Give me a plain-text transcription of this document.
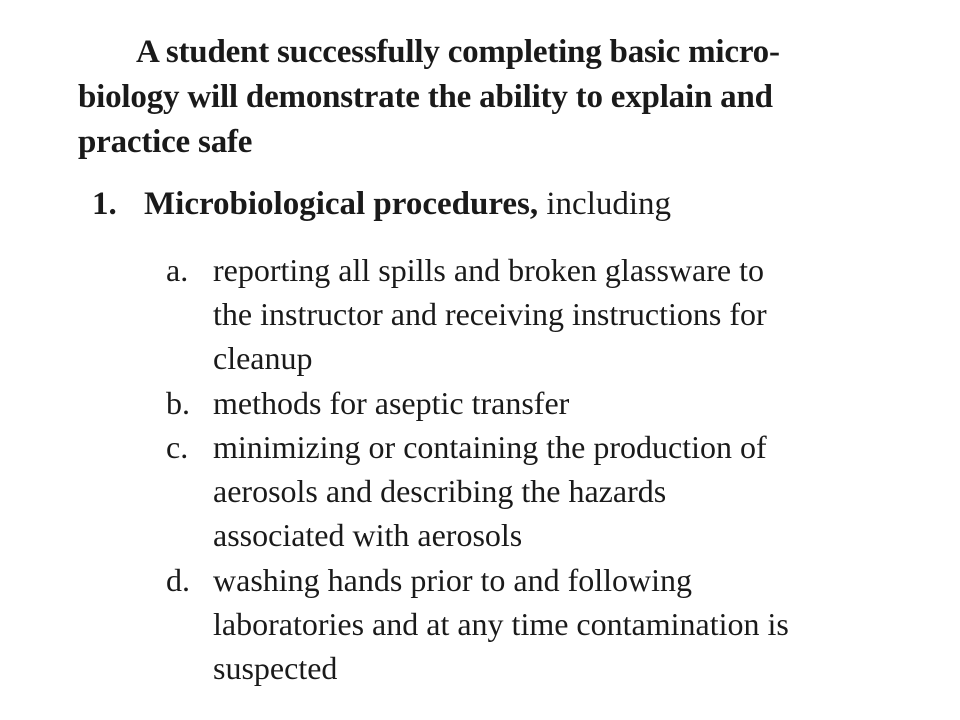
A student successfully completing basic micro-
biology will demonstrate the ability to explain and
practice safe
1. Microbiological procedures, including
a. reporting all spills and broken glassware to
the instructor and receiving instructions for
cleanup
b. methods for aseptic transfer
c. minimizing or containing the production of
aerosols and describing the hazards
associated with aerosols
d. washing hands prior to and following
laboratories and at any time contamination is
suspected
